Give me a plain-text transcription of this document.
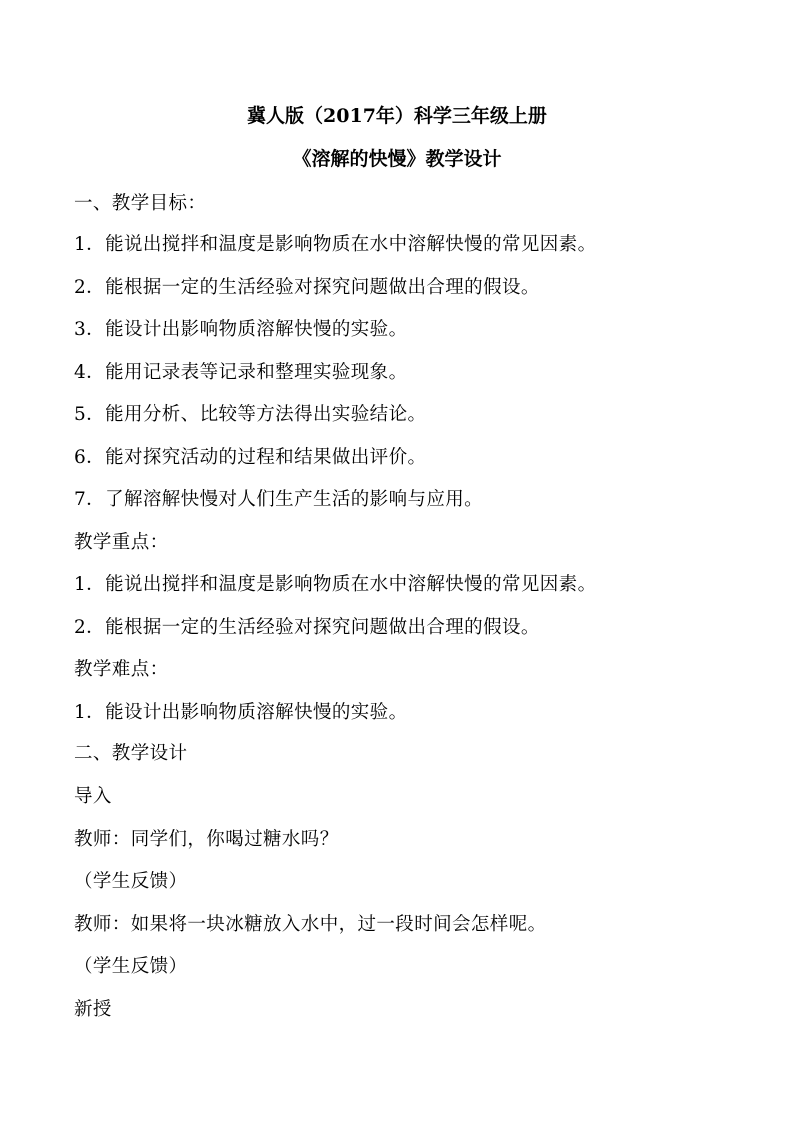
冀人版（2017年）科学三年级上册
《溶解的快慢》教学设计
一、教学目标：
1．能说出搅拌和温度是影响物质在水中溶解快慢的常见因素。
2．能根据一定的生活经验对探究问题做出合理的假设。
3．能设计出影响物质溶解快慢的实验。
4．能用记录表等记录和整理实验现象。
5．能用分析、比较等方法得出实验结论。
6．能对探究活动的过程和结果做出评价。
7．了解溶解快慢对人们生产生活的影响与应用。
教学重点：
1．能说出搅拌和温度是影响物质在水中溶解快慢的常见因素。
2．能根据一定的生活经验对探究问题做出合理的假设。
教学难点：
1．能设计出影响物质溶解快慢的实验。
二、教学设计
导入
教师：同学们，你喝过糖水吗？
（学生反馈）
教师：如果将一块冰糖放入水中，过一段时间会怎样呢。
（学生反馈）
新授
